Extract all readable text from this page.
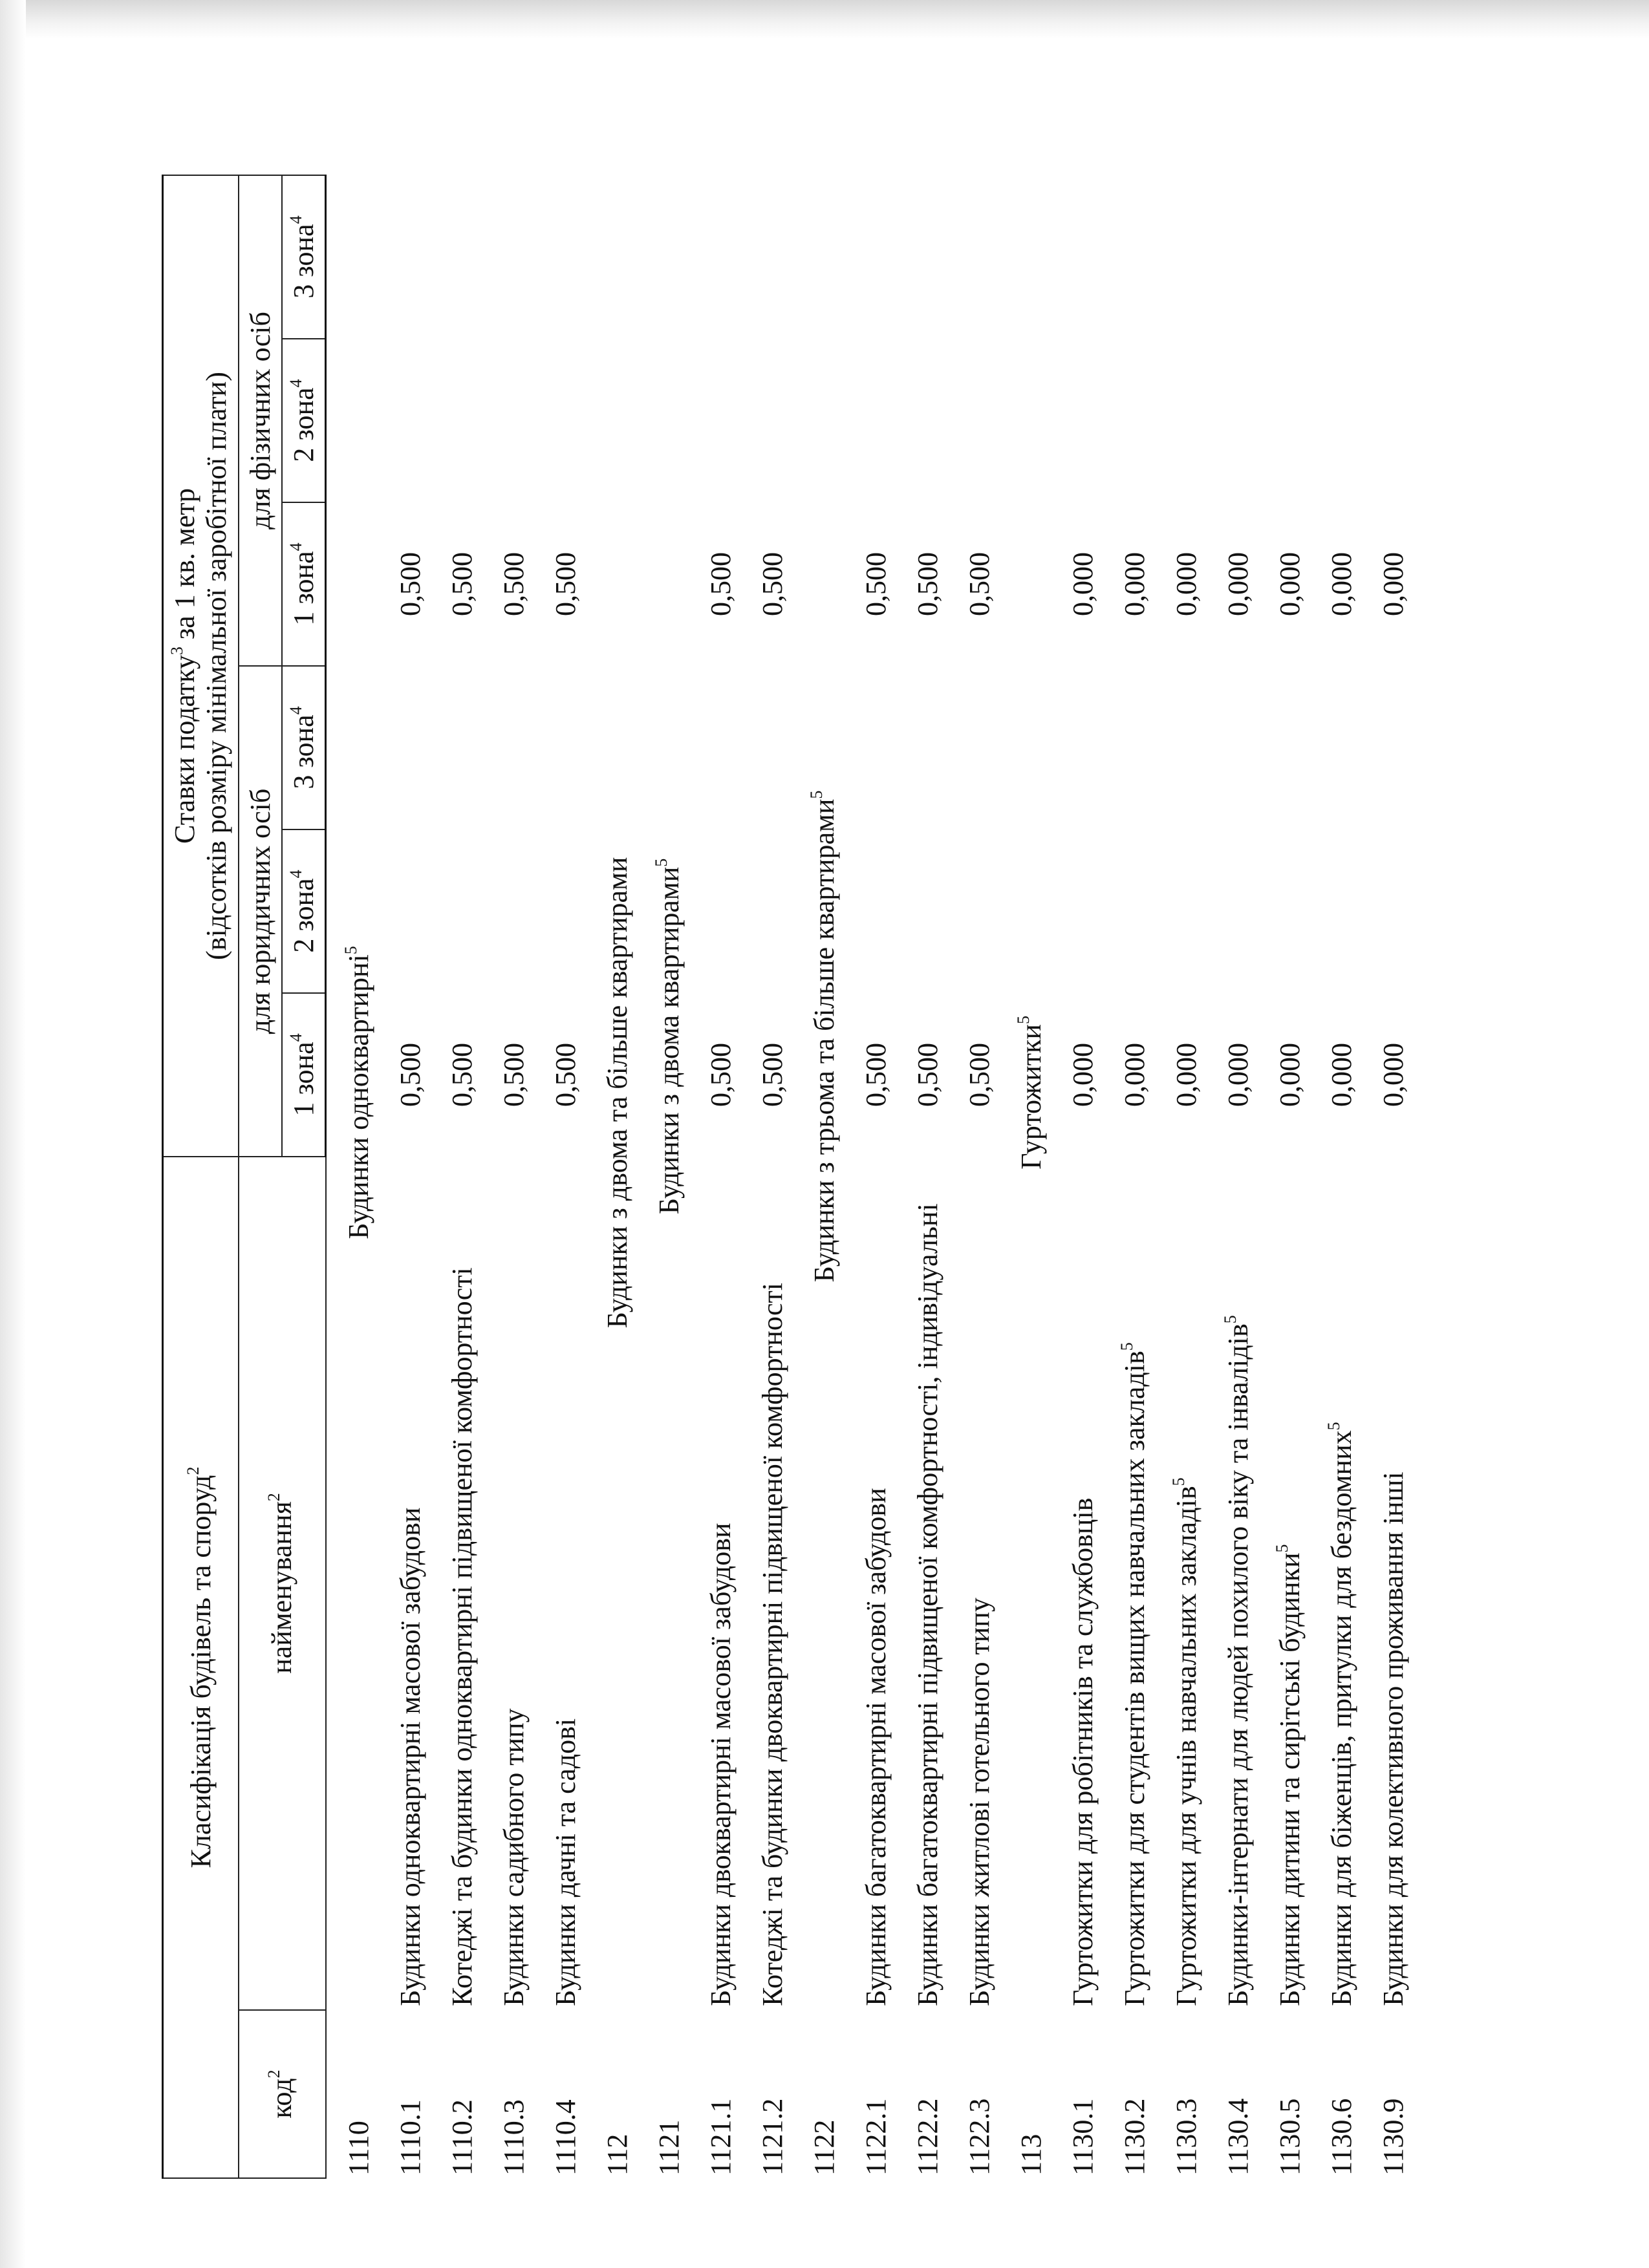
Класифікація будівель та споруд$^2$		Ставки податку$^3$ за 1 кв. метр
(відсотків розміру мінімальної заробітної плати)					
код$^2$	найменування$^2$	для юридичних осіб			для фізичних осіб		
		1 зона$^4$	2 зона$^4$	3 зона$^4$	1 зона$^4$	2 зона$^4$	3 зона$^4$
1110	Будинки одноквартирні$^5$
1110.1	Будинки одноквартирні масової забудови	0,500			0,500		
1110.2	Котеджі та будинки одноквартирні підвищеної комфортності	0,500			0,500		
1110.3	Будинки садибного типу	0,500			0,500		
1110.4	Будинки дачні та садові	0,500			0,500		
112	Будинки з двома та більше квартирами						
1121	Будинки з двома квартирами$^5$
1121.1	Будинки двоквартирні масової забудови	0,500			0,500		
1121.2	Котеджі та будинки двоквартирні підвищеної комфортності	0,500			0,500		
1122	Будинки з трьома та більше квартирами$^5$
1122.1	Будинки багатоквартирні масової забудови	0,500			0,500		
1122.2	Будинки багатоквартирні підвищеної комфортності, індивідуальні	0,500			0,500		
1122.3	Будинки житлові готельного типу	0,500			0,500		
113	Гуртожитки$^5$
1130.1	Гуртожитки для робітників та службовців	0,000			0,000		
1130.2	Гуртожитки для студентів вищих навчальних закладів$^5$	0,000			0,000		
1130.3	Гуртожитки для учнів навчальних закладів$^5$	0,000			0,000		
1130.4	Будинки-інтернати для людей похилого віку та інвалідів$^5$	0,000			0,000		
1130.5	Будинки дитини та сирітські будинки$^5$	0,000			0,000		
1130.6	Будинки для біженців, притулки для бездомних$^5$	0,000			0,000		
1130.9	Будинки для колективного проживання інші	0,000			0,000		
